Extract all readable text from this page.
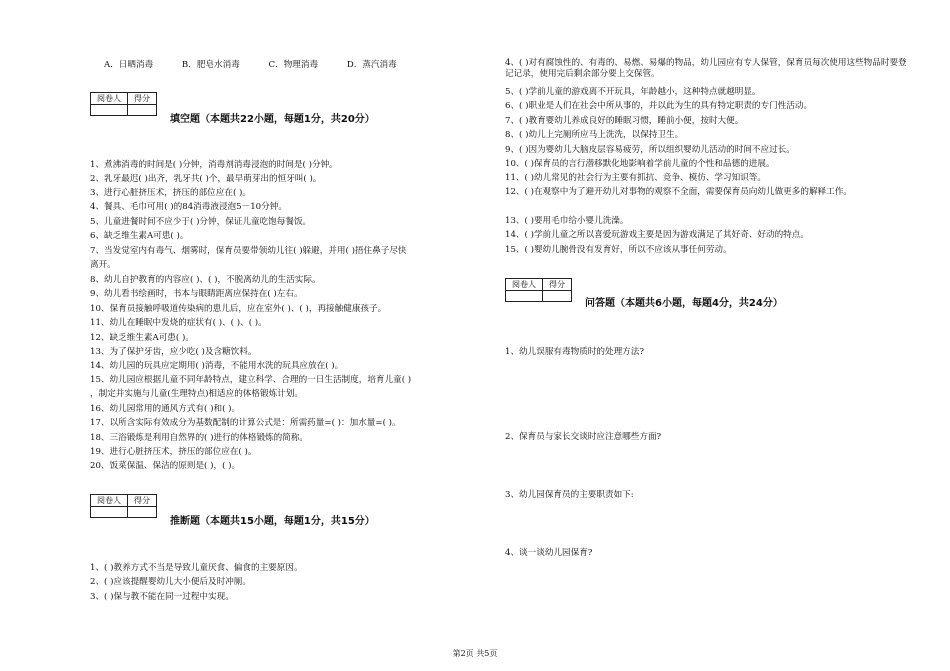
A．日晒消毒	B．肥皂水消毒	C．物理消毒	D．蒸汽消毒
阅卷人	得分

填空题（本题共22小题，每题1分，共20分）
1、煮沸消毒的时间是( )分钟，消毒剂消毒浸泡的时间是( )分钟。
2、乳牙最迟( )出齐，乳牙共( )个，最早萌芽出的恒牙叫( )。
3、进行心脏挤压术，挤压的部位应在( )。
4、餐具、毛巾可用( )的84消毒液浸泡5－10分钟。
5、儿童进餐时间不应少于( )分钟，保证儿童吃饱每餐饭。
6、缺乏维生素A可患( )。
7、当发觉室内有毒气、烟雾时，保育员要带领幼儿往( )躲避，并用( )捂住鼻子尽快
离开。
8、幼儿自护教育的内容应( )、( )，不脱离幼儿的生活实际。
9、幼儿看书绘画时，书本与眼睛距离应保持在( )左右。
10、保育员接触呼吸道传染病的患儿后，应在室外( )、( )，再接触健康孩子。
11、幼儿在睡眠中发烧的症状有( )、( )、( )。
12、缺乏维生素A可患( )。
13、为了保护牙齿，应少吃( )及含糖饮料。
14、幼儿园的玩具应定期用( )消毒，不能用水洗的玩具应放在( )。
15、幼儿园应根据儿童不同年龄特点，建立科学、合理的一日生活制度，培育儿童( )
，制定并实施与儿童(生理特点)相适应的体格锻炼计划。
16、幼儿园常用的通风方式有( )和( )。
17、以所含实际有效成分为基数配制的计算公式是：所需药量=( )：加水量=( )。
18、三浴锻炼是利用自然界的( )进行的体格锻炼的简称。
19、进行心脏挤压术，挤压的部位应在( )。
20、饭菜保温、保洁的原则是( )，( )。
阅卷人	得分

推断题（本题共15小题，每题1分，共15分）
1、( )教养方式不当是导致儿童厌食、偏食的主要原因。
2、( )应该提醒婴幼儿大小便后及时冲厕。
3、( )保与教不能在同一过程中实现。
4、( )对有腐蚀性的、有毒的、易燃、易爆的物品，幼儿园应有专人保管，保育员每次使用这些物品时要登记记录，使用完后剩余部分要上交保管。
5、( )学前儿童的游戏离不开玩具，年龄越小，这种特点就越明显。
6、( )职业是人们在社会中所从事的，并以此为生的具有特定职责的专门性活动。
7、( )教育婴幼儿养成良好的睡眠习惯，睡前小便，按时大便。
8、( )幼儿上完厕所应马上洗洗，以保持卫生。
9、( )因为婴幼儿大脑皮层容易疲劳，所以组织婴幼儿活动的时间不应过长。
10、( )保育员的言行潜移默化地影响着学前儿童的个性和品德的进展。
11、( )幼儿常见的社会行为主要有抓抗、竞争、模仿、学习知识等。
12、( )在观察中为了避开幼儿对事物的观察不全面，需要保育员向幼儿做更多的解释工作。
13、( )要用毛巾给小婴儿洗澡。
14、( )学前儿童之所以喜爱玩游戏主要是因为游戏满足了其好奇、好动的特点。
15、( )婴幼儿腕骨没有发育好，所以不应该从事任何劳动。
阅卷人	得分

问答题（本题共6小题，每题4分，共24分）
1、幼儿误服有毒物质时的处理方法?
2、保育员与家长交谈时应注意哪些方面?
3、幼儿园保育员的主要职责如下:
4、谈一谈幼儿园保育?
第2页 共5页
